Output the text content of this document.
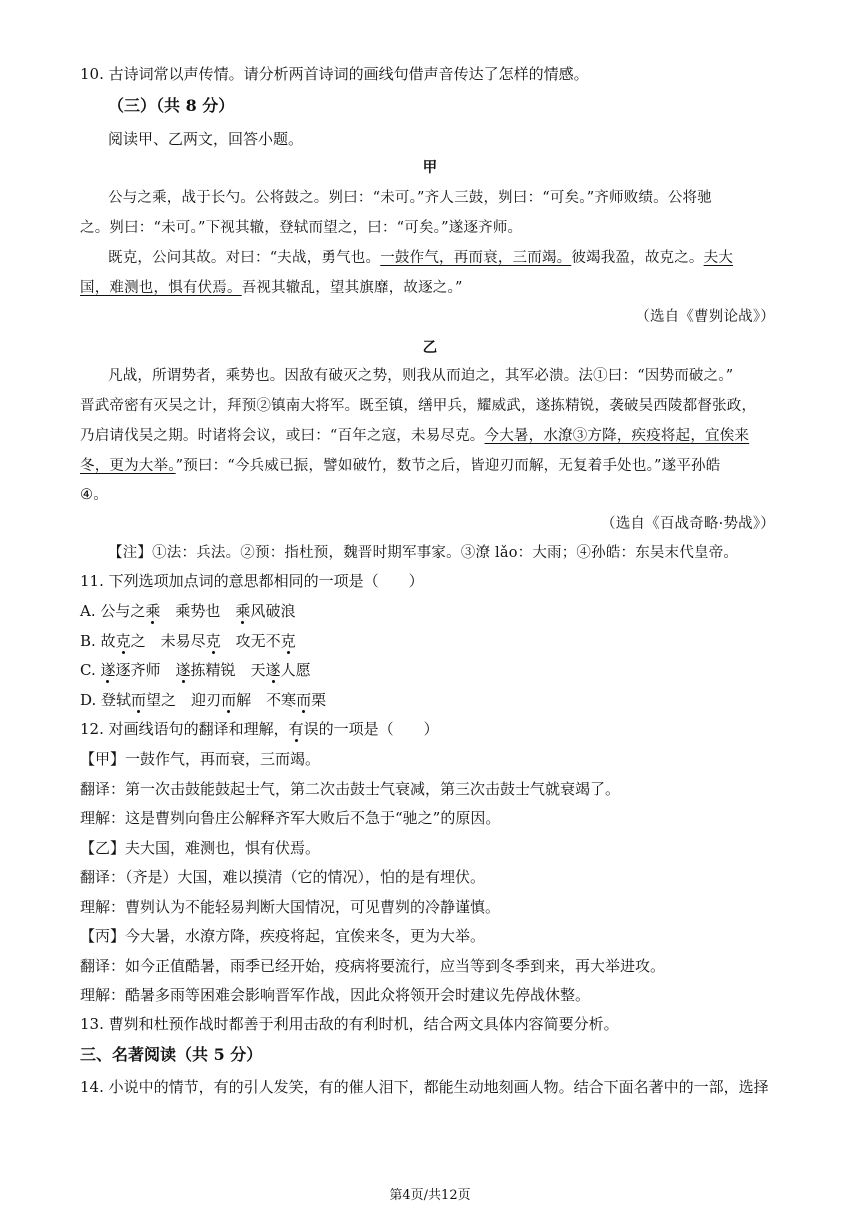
10. 古诗词常以声传情。请分析两首诗词的画线句借声音传达了怎样的情感。
（三）（共 8 分）
阅读甲、乙两文，回答小题。
甲
公与之乘，战于长勺。公将鼓之。刿曰：“未可。”齐人三鼓，刿曰：“可矣。”齐师败绩。公将驰
之。刿曰：“未可。”下视其辙，登轼而望之，曰：“可矣。”遂逐齐师。
既克，公问其故。对曰：“夫战，勇气也。一鼓作气，再而衰，三而竭。彼竭我盈，故克之。夫大
国，难测也，惧有伏焉。吾视其辙乱，望其旗靡，故逐之。”
（选自《曹刿论战》）
乙
凡战，所谓势者，乘势也。因敌有破灭之势，则我从而迫之，其军必溃。法①曰：“因势而破之。”
晋武帝密有灭吴之计，拜预②镇南大将军。既至镇，缮甲兵，耀威武，遂拣精锐，袭破吴西陵都督张政，
乃启请伐吴之期。时诸将会议，或曰：“百年之寇，未易尽克。今大暑，水潦③方降，疾疫将起，宜俟来
冬，更为大举。”预曰：“今兵威已振，譬如破竹，数节之后，皆迎刃而解，无复着手处也。”遂平孙皓
④。
（选自《百战奇略·势战》）
【注】①法：兵法。②预：指杜预，魏晋时期军事家。③潦 lǎo：大雨；④孙皓：东吴末代皇帝。
11. 下列选项加点词的意思都相同的一项是（　　）
A. 公与之乘　乘势也　乘风破浪
B. 故克之　未易尽克　攻无不克
C. 遂逐齐师　遂拣精锐　天遂人愿
D. 登轼而望之　迎刃而解　不寒而栗
12. 对画线语句的翻译和理解，有误的一项是（　　）
【甲】一鼓作气，再而衰，三而竭。
翻译：第一次击鼓能鼓起士气，第二次击鼓士气衰减，第三次击鼓士气就衰竭了。
理解：这是曹刿向鲁庄公解释齐军大败后不急于“驰之”的原因。
【乙】夫大国，难测也，惧有伏焉。
翻译：（齐是）大国，难以摸清（它的情况），怕的是有埋伏。
理解：曹刿认为不能轻易判断大国情况，可见曹刿的冷静谨慎。
【丙】今大暑，水潦方降，疾疫将起，宜俟来冬，更为大举。
翻译：如今正值酷暑，雨季已经开始，疫病将要流行，应当等到冬季到来，再大举进攻。
理解：酷暑多雨等困难会影响晋军作战，因此众将领开会时建议先停战休整。
13. 曹刿和杜预作战时都善于利用击敌的有利时机，结合两文具体内容简要分析。
三、名著阅读（共 5 分）
14. 小说中的情节，有的引人发笑，有的催人泪下，都能生动地刻画人物。结合下面名著中的一部，选择
第4页/共12页
